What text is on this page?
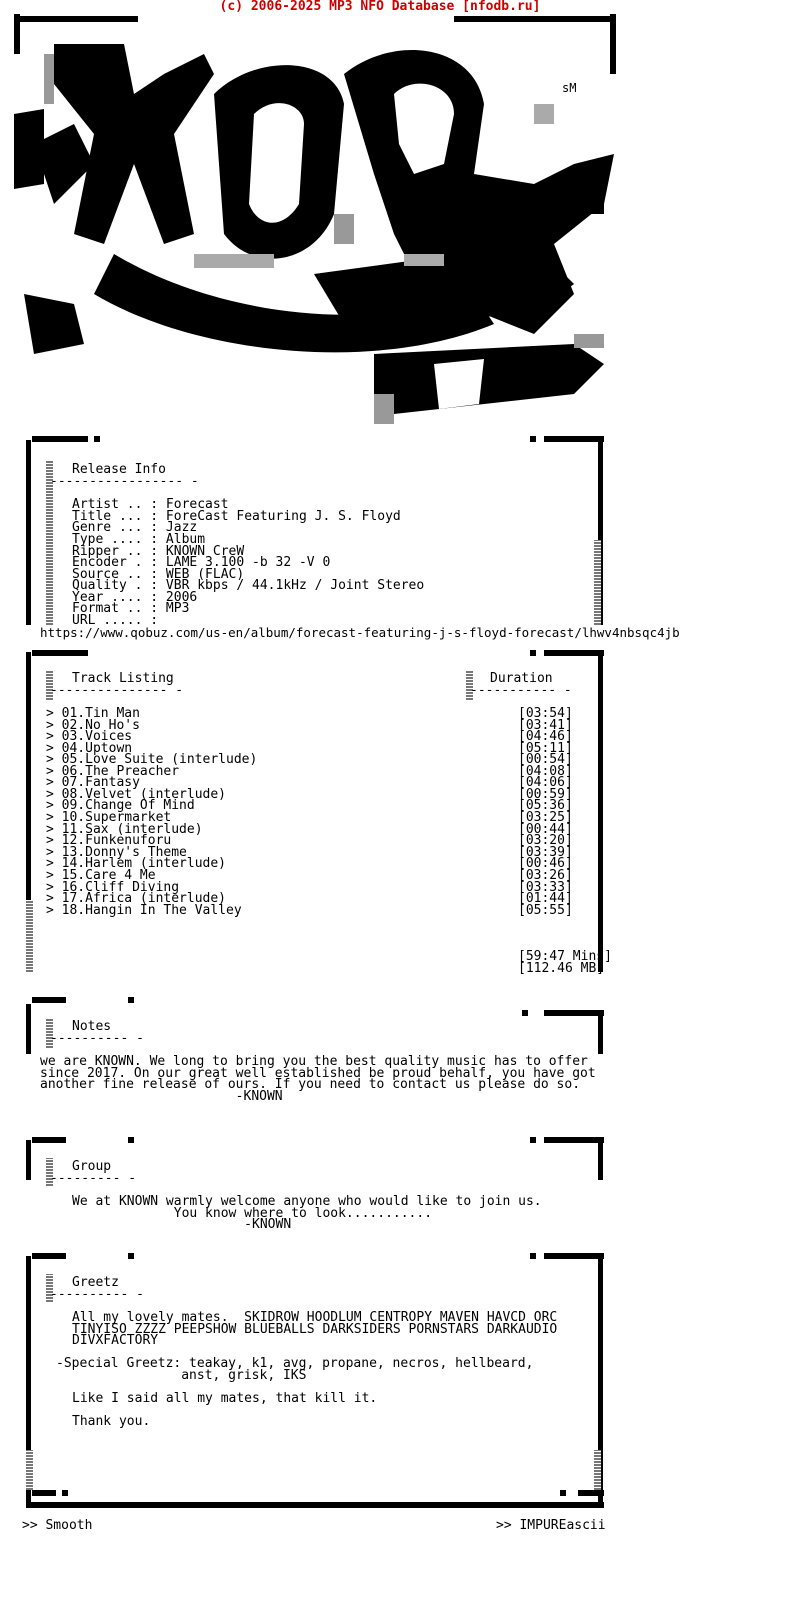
(c) 2006-2025 MP3 NFO Database [nfodb.ru]
sM
Release Info
----------------- -
Artist .. : Forecast
Title ... : ForeCast Featuring J. S. Floyd
Genre ... : Jazz
Type .... : Album
Ripper .. : KNOWN CreW
Encoder . : LAME 3.100 -b 32 -V 0
Source .. : WEB (FLAC)
Quality . : VBR kbps / 44.1kHz / Joint Stereo
Year .... : 2006
Format .. : MP3
URL ..... :
https://www.qobuz.com/us-en/album/forecast-featuring-j-s-floyd-forecast/lhwv4nbsqc4jb
Track Listing
--------------- -
Duration
----------- -
> 01.Tin Man	[03:54]
> 02.No Ho's	[03:41]
> 03.Voices	[04:46]
> 04.Uptown	[05:11]
> 05.Love Suite (interlude)	[00:54]
> 06.The Preacher	[04:08]
> 07.Fantasy	[04:06]
> 08.Velvet (interlude)	[00:59]
> 09.Change Of Mind	[05:36]
> 10.Supermarket	[03:25]
> 11.Sax (interlude)	[00:44]
> 12.Funkenuforu	[03:20]
> 13.Donny's Theme	[03:39]
> 14.Harlem (interlude)	[00:46]
> 15.Care 4 Me	[03:26]
> 16.Cliff Diving	[03:33]
> 17.Africa (interlude)	[01:44]
> 18.Hangin In The Valley	[05:55]
[59:47 Mins]
[112.46 MB]
Notes
---------- -
we are KNOWN. We long to bring you the best quality music has to offer
since 2017. On our great well established be proud behalf, you have got
another fine release of ours. If you need to contact us please do so.
-KNOWN
Group
--------- -
We at KNOWN warmly welcome anyone who would like to join us.
You know where to look...........
-KNOWN
Greetz
---------- -
All my lovely mates.  SKIDROW HOODLUM CENTROPY MAVEN HAVCD ORC
TINYISO ZZZZ PEEPSHOW BLUEBALLS DARKSIDERS PORNSTARS DARKAUDIO
DIVXFACTORY
-Special Greetz: teakay, k1, avg, propane, necros, hellbeard,
anst, grisk, IKS
Like I said all my mates, that kill it.
Thank you.
>> Smooth	>> IMPUREascii
